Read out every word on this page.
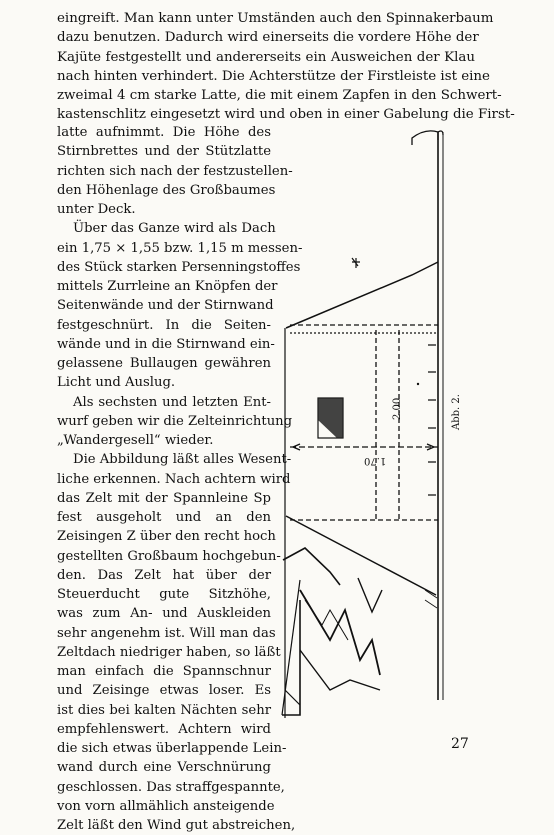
eingreift. Man kann unter Umständen auch den Spinnakerbaum
dazu benutzen. Dadurch wird einerseits die vordere Höhe der
Kajüte festgestellt und andererseits ein Ausweichen der Klau
nach hinten verhindert. Die Achterstütze der Firstleiste ist eine
zweimal 4 cm starke Latte, die mit einem Zapfen in den Schwert-
kastenschlitz eingesetzt wird und oben in einer Gabelung die First-
latte aufnimmt. Die Höhe des
Stirnbrettes und der Stützlatte
richten sich nach der festzustellen-
den Höhenlage des Großbaumes
unter Deck.
Über das Ganze wird als Dach
ein 1,75 × 1,55 bzw. 1,15 m messen-
des Stück starken Persenningstoffes
mittels Zurrleine an Knöpfen der
Seitenwände und der Stirnwand
festgeschnürt. In die Seiten-
wände und in die Stirnwand ein-
gelassene Bullaugen gewähren
Licht und Auslug.
Als sechsten und letzten Ent-
wurf geben wir die Zelteinrichtung
„Wandergesell“ wieder.
Die Abbildung läßt alles Wesent-
liche erkennen. Nach achtern wird
das Zelt mit der Spannleine Sp
fest ausgeholt und an den
Zeisingen Z über den recht hoch
gestellten Großbaum hochgebun-
den. Das Zelt hat über der
Steuerducht gute Sitzhöhe,
was zum An- und Auskleiden
sehr angenehm ist. Will man das
Zeltdach niedriger haben, so läßt
man einfach die Spannschnur
und Zeisinge etwas loser. Es
ist dies bei kalten Nächten sehr
empfehlenswert. Achtern wird
die sich etwas überlappende Lein-
wand durch eine Verschnürung
geschlossen. Das straffgespannte,
von vorn allmählich ansteigende
Zelt läßt den Wind gut abstreichen,
1.70
2.00	Abb. 2.
27
